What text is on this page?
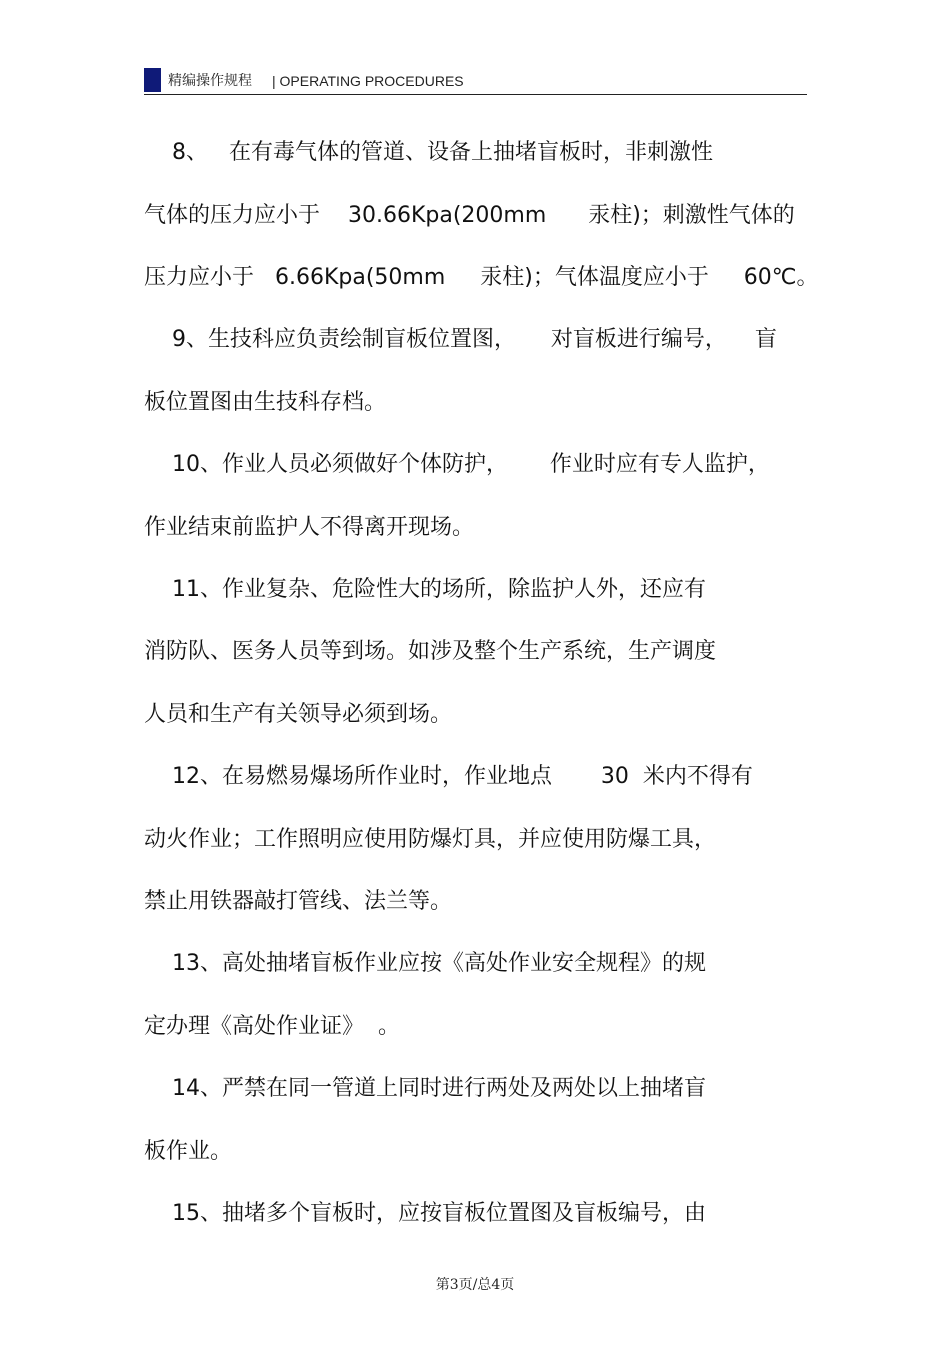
精编操作规程 | OPERATING PROCEDURES
8、   在有毒气体的管道、设备上抽堵盲板时，非刺激性
气体的压力应小于    30.66Kpa(200mm      汞柱)；刺激性气体的
压力应小于   6.66Kpa(50mm     汞柱)；气体温度应小于     60℃。
9、生技科应负责绘制盲板位置图，     对盲板进行编号，    盲
板位置图由生技科存档。
10、作业人员必须做好个体防护，      作业时应有专人监护，
作业结束前监护人不得离开现场。
11、作业复杂、危险性大的场所，除监护人外，还应有
消防队、医务人员等到场。如涉及整个生产系统，生产调度
人员和生产有关领导必须到场。
12、在易燃易爆场所作业时，作业地点       30  米内不得有
动火作业；工作照明应使用防爆灯具，并应使用防爆工具，
禁止用铁器敲打管线、法兰等。
13、高处抽堵盲板作业应按《高处作业安全规程》的规
定办理《高处作业证》  。
14、严禁在同一管道上同时进行两处及两处以上抽堵盲
板作业。
15、抽堵多个盲板时，应按盲板位置图及盲板编号，由
第3页/总4页
